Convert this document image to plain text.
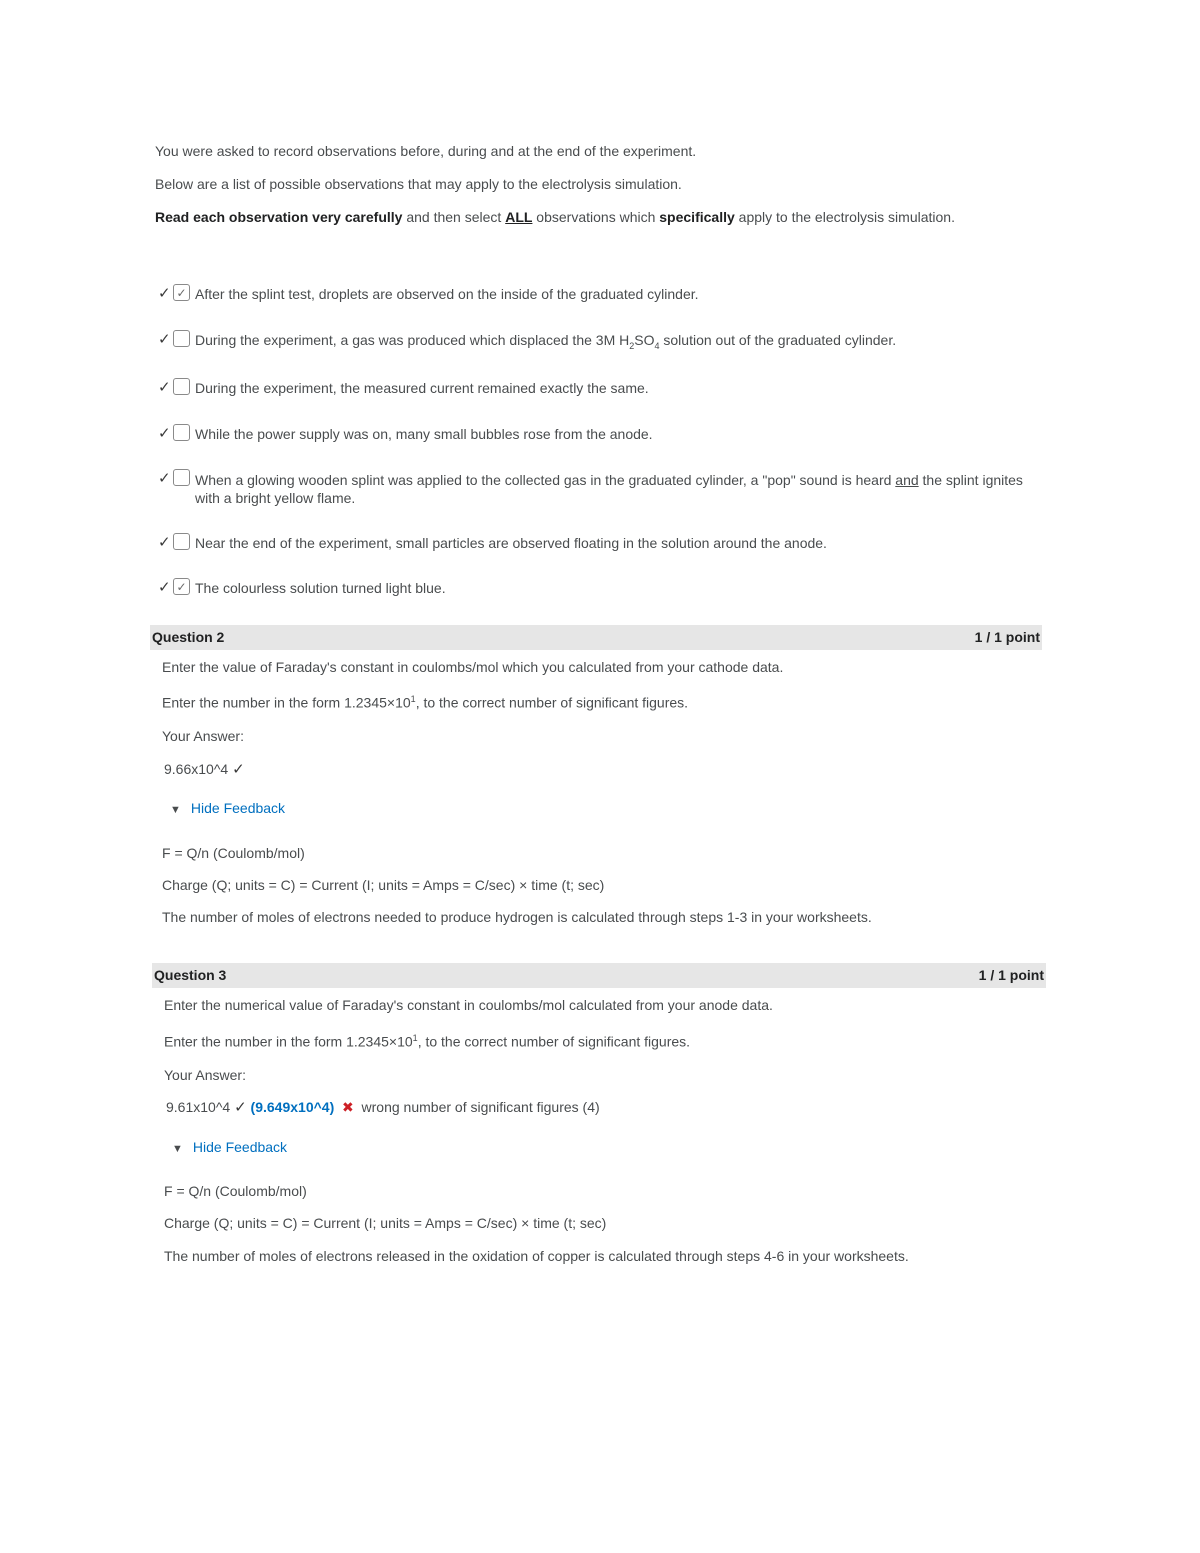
You were asked to record observations before, during and at the end of the experiment.
Below are a list of possible observations that may apply to the electrolysis simulation.
Read each observation very carefully and then select ALL observations which specifically apply to the electrolysis simulation.
✓ ✓ After the splint test, droplets are observed on the inside of the graduated cylinder.
✓ During the experiment, a gas was produced which displaced the 3M $H_2SO_4$ solution out of the graduated cylinder.
✓ During the experiment, the measured current remained exactly the same.
✓ While the power supply was on, many small bubbles rose from the anode.
✓ When a glowing wooden splint was applied to the collected gas in the graduated cylinder, a "pop" sound is heard and the splint ignites with a bright yellow flame.
✓ Near the end of the experiment, small particles are observed floating in the solution around the anode.
✓ ✓ The colourless solution turned light blue.
Question 2	1 / 1 point
Enter the value of Faraday's constant in coulombs/mol which you calculated from your cathode data.
Enter the number in the form $1.2345\times 10^1$, to the correct number of significant figures.
Your Answer:
9.66x10^4 ✓
▼ Hide Feedback
F = Q/n (Coulomb/mol)
Charge (Q; units = C) = Current (I; units = Amps = C/sec) × time (t; sec)
The number of moles of electrons needed to produce hydrogen is calculated through steps 1-3 in your worksheets.
Question 3	1 / 1 point
Enter the numerical value of Faraday's constant in coulombs/mol calculated from your anode data.
Enter the number in the form $1.2345\times 10^1$, to the correct number of significant figures.
Your Answer:
9.61x10^4 ✓ (9.649x10^4) ✖ wrong number of significant figures (4)
▼ Hide Feedback
F = Q/n (Coulomb/mol)
Charge (Q; units = C) = Current (I; units = Amps = C/sec) × time (t; sec)
The number of moles of electrons released in the oxidation of copper is calculated through steps 4-6 in your worksheets.
